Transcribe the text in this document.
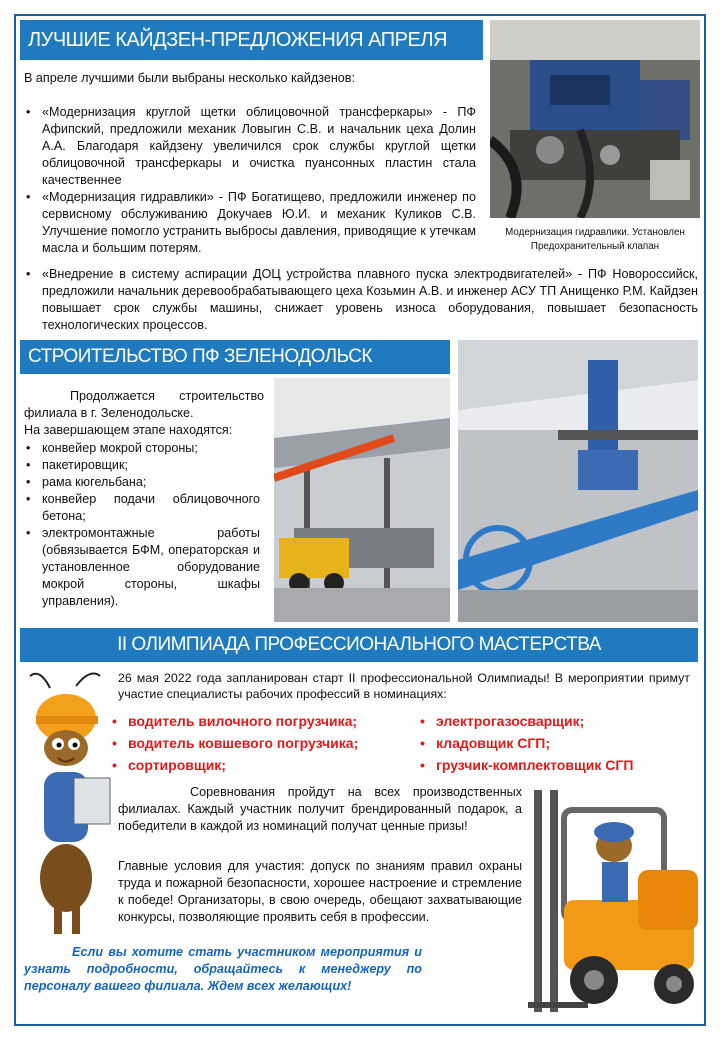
ЛУЧШИЕ КАЙДЗЕН-ПРЕДЛОЖЕНИЯ АПРЕЛЯ

В апреле лучшими были выбраны несколько кайдзенов:

• «Модернизация круглой щетки облицовочной трансферкары» - ПФ Афипский, предложили механик Ловыгин С.В. и начальник цеха Долин А.А. Благодаря кайдзену увеличился срок службы круглой щетки облицовочной трансферкары и очистка пуансонных пластин стала качественнее
• «Модернизация гидравлики» - ПФ Богатищево, предложили инженер по сервисному обслуживанию Докучаев Ю.И. и механик Куликов С.В. Улучшение помогло устранить выбросы давления, приводящие к утечкам масла и большим потерям.
• «Внедрение в систему аспирации ДОЦ устройства плавного пуска электродвигателей» - ПФ Новороссийск, предложили начальник деревообрабатывающего цеха Козьмин А.В. и инженер АСУ ТП Анищенко Р.М. Кайдзен повышает срок службы машины, снижает уровень износа оборудования, повышает безопасность технологических процессов.

Модернизация гидравлики. Установлен Предохранительный клапан

СТРОИТЕЛЬСТВО ПФ ЗЕЛЕНОДОЛЬСК

Продолжается строительство филиала в г. Зеленодольске.

На завершающем этапе находятся:

• конвейер мокрой стороны;
• пакетировщик;
• рама кюгельбана;
• конвейер подачи облицовочного бетона;
• электромонтажные работы (обвязывается БФМ, операторская и установленное оборудование мокрой стороны, шкафы управления).
II ОЛИМПИАДА ПРОФЕССИОНАЛЬНОГО МАСТЕРСТВА

26 мая 2022 года запланирован старт II профессиональной Олимпиады! В мероприятии примут участие специалисты рабочих профессий в номинациях:

• водитель вилочного погрузчика;
• водитель ковшевого погрузчика;
• сортировщик;
• электрогазосварщик;
• кладовщик СГП;
• грузчик-комплектовщик СГП

Соревнования пройдут на всех производственных филиалах. Каждый участник получит брендированный подарок, а победители в каждой из номинаций получат ценные призы!

Главные условия для участия: допуск по знаниям правил охраны труда и пожарной безопасности, хорошее настроение и стремление к победе! Организаторы, в свою очередь, обещают захватывающие конкурсы, позволяющие проявить себя в профессии.

Если вы хотите стать участником мероприятия и узнать подробности, обращайтесь к менеджеру по персоналу вашего филиала. Ждем всех желающих!
